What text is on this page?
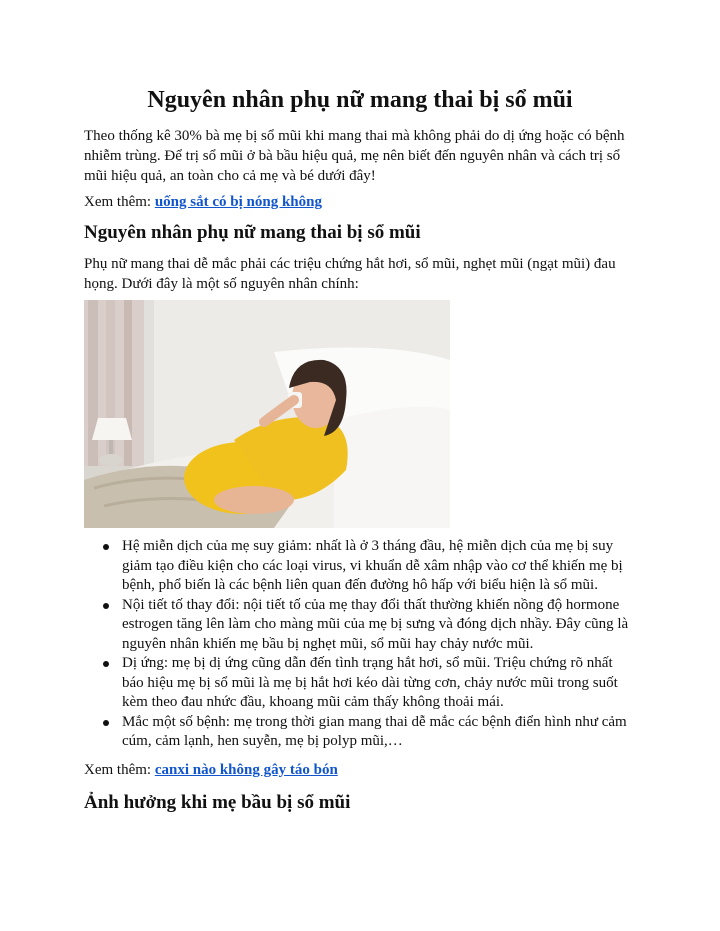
Nguyên nhân phụ nữ mang thai bị sổ mũi

Theo thống kê 30% bà mẹ bị sổ mũi khi mang thai mà không phải do dị ứng hoặc có bệnh nhiễm trùng. Để trị sổ mũi ở bà bầu hiệu quả, mẹ nên biết đến nguyên nhân và cách trị sổ mũi hiệu quả, an toàn cho cả mẹ và bé dưới đây!

Xem thêm: uống sắt có bị nóng không

Nguyên nhân phụ nữ mang thai bị sổ mũi

Phụ nữ mang thai dễ mắc phải các triệu chứng hắt hơi, sổ mũi, nghẹt mũi (ngạt mũi) đau họng. Dưới đây là một số nguyên nhân chính:

Hệ miễn dịch của mẹ suy giảm: nhất là ở 3 tháng đầu, hệ miễn dịch của mẹ bị suy giảm tạo điều kiện cho các loại virus, vi khuẩn dễ xâm nhập vào cơ thể khiến mẹ bị bệnh, phổ biến là các bệnh liên quan đến đường hô hấp với biểu hiện là sổ mũi.
Nội tiết tố thay đổi: nội tiết tố của mẹ thay đổi thất thường khiến nồng độ hormone estrogen tăng lên làm cho màng mũi của mẹ bị sưng và đóng dịch nhầy. Đây cũng là nguyên nhân khiến mẹ bầu bị nghẹt mũi, sổ mũi hay chảy nước mũi.
Dị ứng: mẹ bị dị ứng cũng dẫn đến tình trạng hắt hơi, sổ mũi. Triệu chứng rõ nhất báo hiệu mẹ bị sổ mũi là mẹ bị hắt hơi kéo dài từng cơn, chảy nước mũi trong suốt kèm theo đau nhức đầu, khoang mũi cảm thấy không thoải mái.
Mắc một số bệnh: mẹ trong thời gian mang thai dễ mắc các bệnh điển hình như cảm cúm, cảm lạnh, hen suyễn, mẹ bị polyp mũi,…

Xem thêm: canxi nào không gây táo bón

Ảnh hưởng khi mẹ bầu bị sổ mũi
